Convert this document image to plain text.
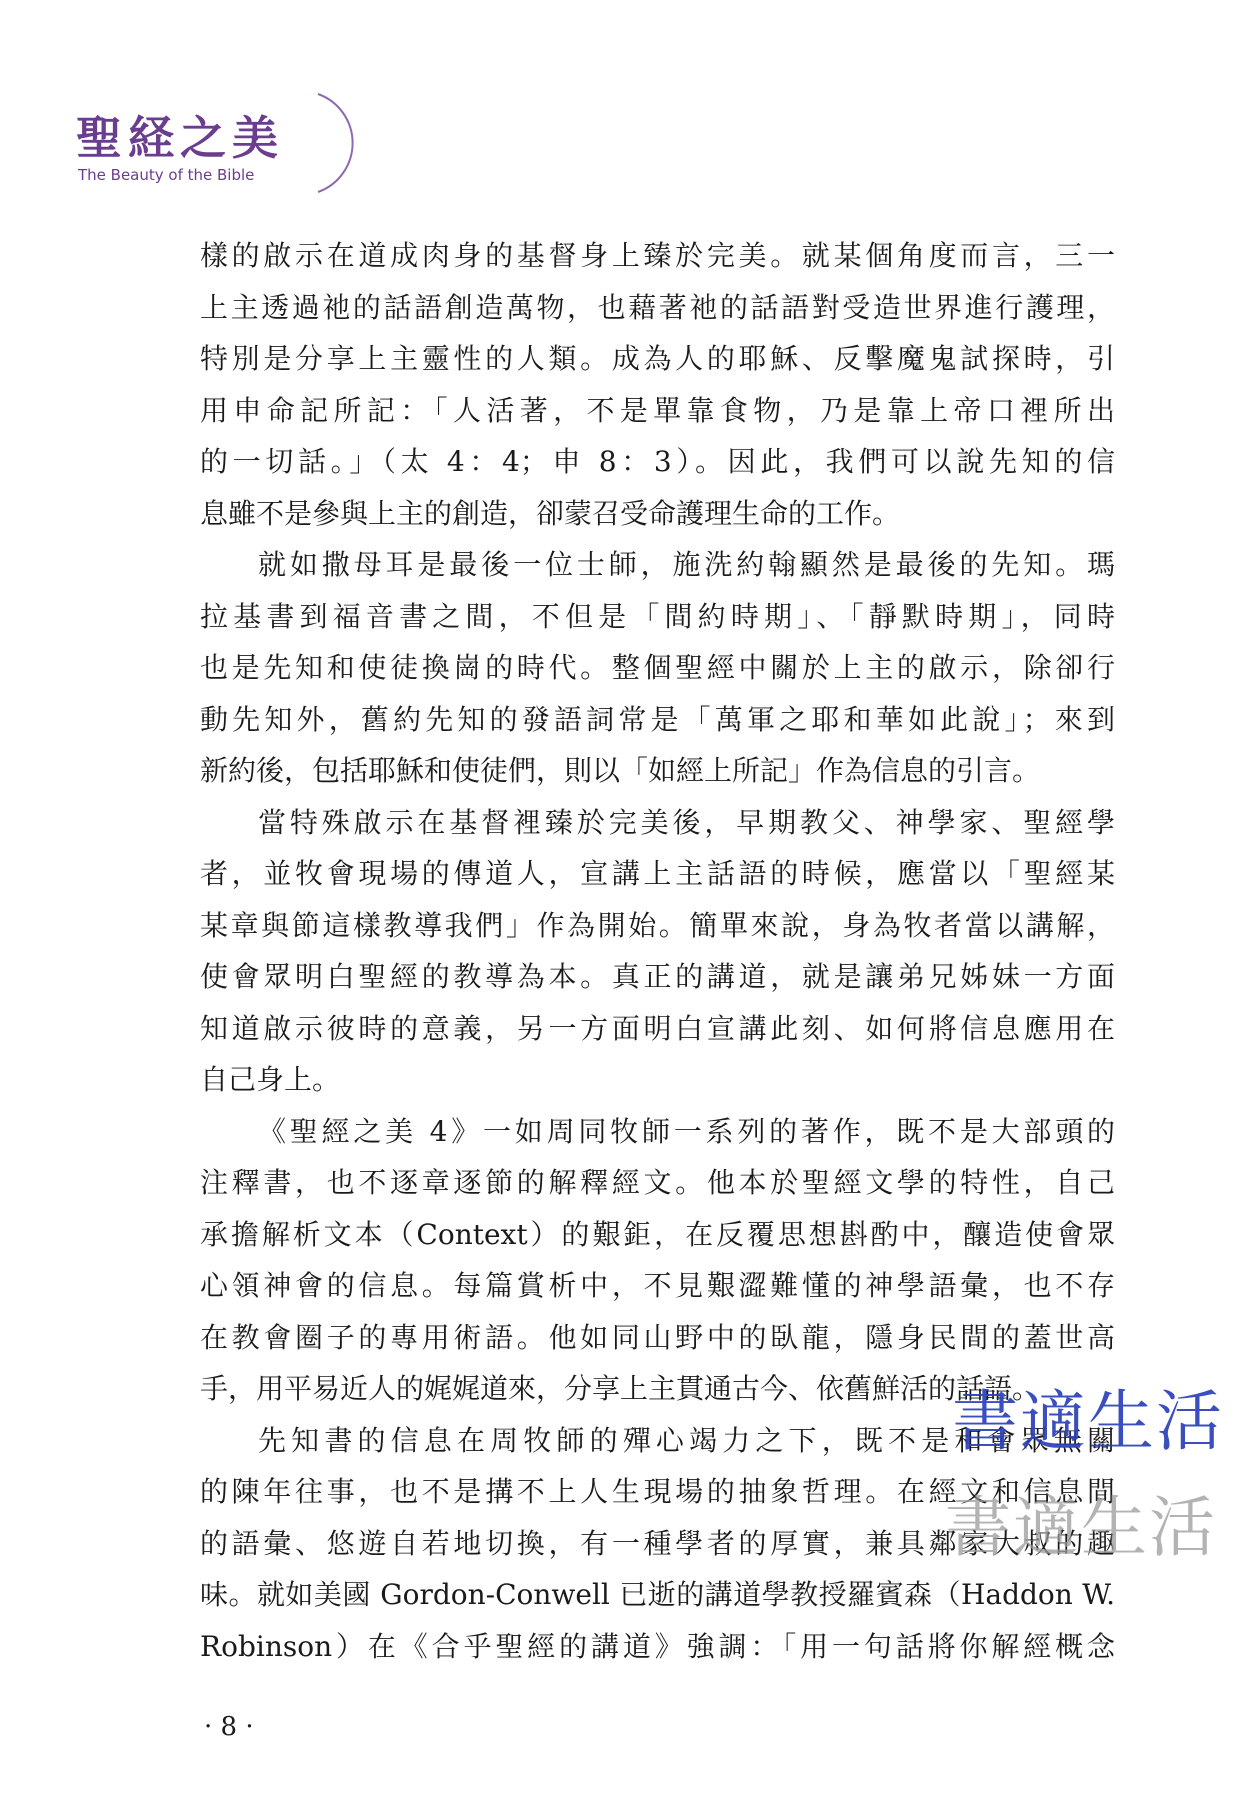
聖経之美
The Beauty of the Bible
樣的啟示在道成肉身的基督身上臻於完美。就某個角度而言，三一
上主透過祂的話語創造萬物，也藉著祂的話語對受造世界進行護理，
特別是分享上主靈性的人類。成為人的耶穌、反擊魔鬼試探時，引
用申命記所記：「人活著，不是單靠食物，乃是靠上帝口裡所出
的一切話。」（太 4：4；申 8：3）。因此，我們可以說先知的信
息雖不是參與上主的創造，卻蒙召受命護理生命的工作。
就如撒母耳是最後一位士師，施洗約翰顯然是最後的先知。瑪
拉基書到福音書之間，不但是「間約時期」、「靜默時期」，同時
也是先知和使徒換崗的時代。整個聖經中關於上主的啟示，除卻行
動先知外，舊約先知的發語詞常是「萬軍之耶和華如此說」；來到
新約後，包括耶穌和使徒們，則以「如經上所記」作為信息的引言。
當特殊啟示在基督裡臻於完美後，早期教父、神學家、聖經學
者，並牧會現場的傳道人，宣講上主話語的時候，應當以「聖經某
某章與節這樣教導我們」作為開始。簡單來說，身為牧者當以講解，
使會眾明白聖經的教導為本。真正的講道，就是讓弟兄姊妹一方面
知道啟示彼時的意義，另一方面明白宣講此刻、如何將信息應用在
自己身上。
《聖經之美 4》一如周同牧師一系列的著作，既不是大部頭的
注釋書，也不逐章逐節的解釋經文。他本於聖經文學的特性，自己
承擔解析文本（Context）的艱鉅，在反覆思想斟酌中，釀造使會眾
心領神會的信息。每篇賞析中，不見艱澀難懂的神學語彙，也不存
在教會圈子的專用術語。他如同山野中的臥龍，隱身民間的蓋世高
手，用平易近人的娓娓道來，分享上主貫通古今、依舊鮮活的話語。
先知書的信息在周牧師的殫心竭力之下，既不是和會眾無關
的陳年往事，也不是搆不上人生現場的抽象哲理。在經文和信息間
的語彙、悠遊自若地切換，有一種學者的厚實，兼具鄰家大叔的趣
味。就如美國 Gordon-Conwell 已逝的講道學教授羅賓森（Haddon W.
Robinson）在《合乎聖經的講道》強調：「用一句話將你解經概念
· 8 ·
書適生活
書適生活
